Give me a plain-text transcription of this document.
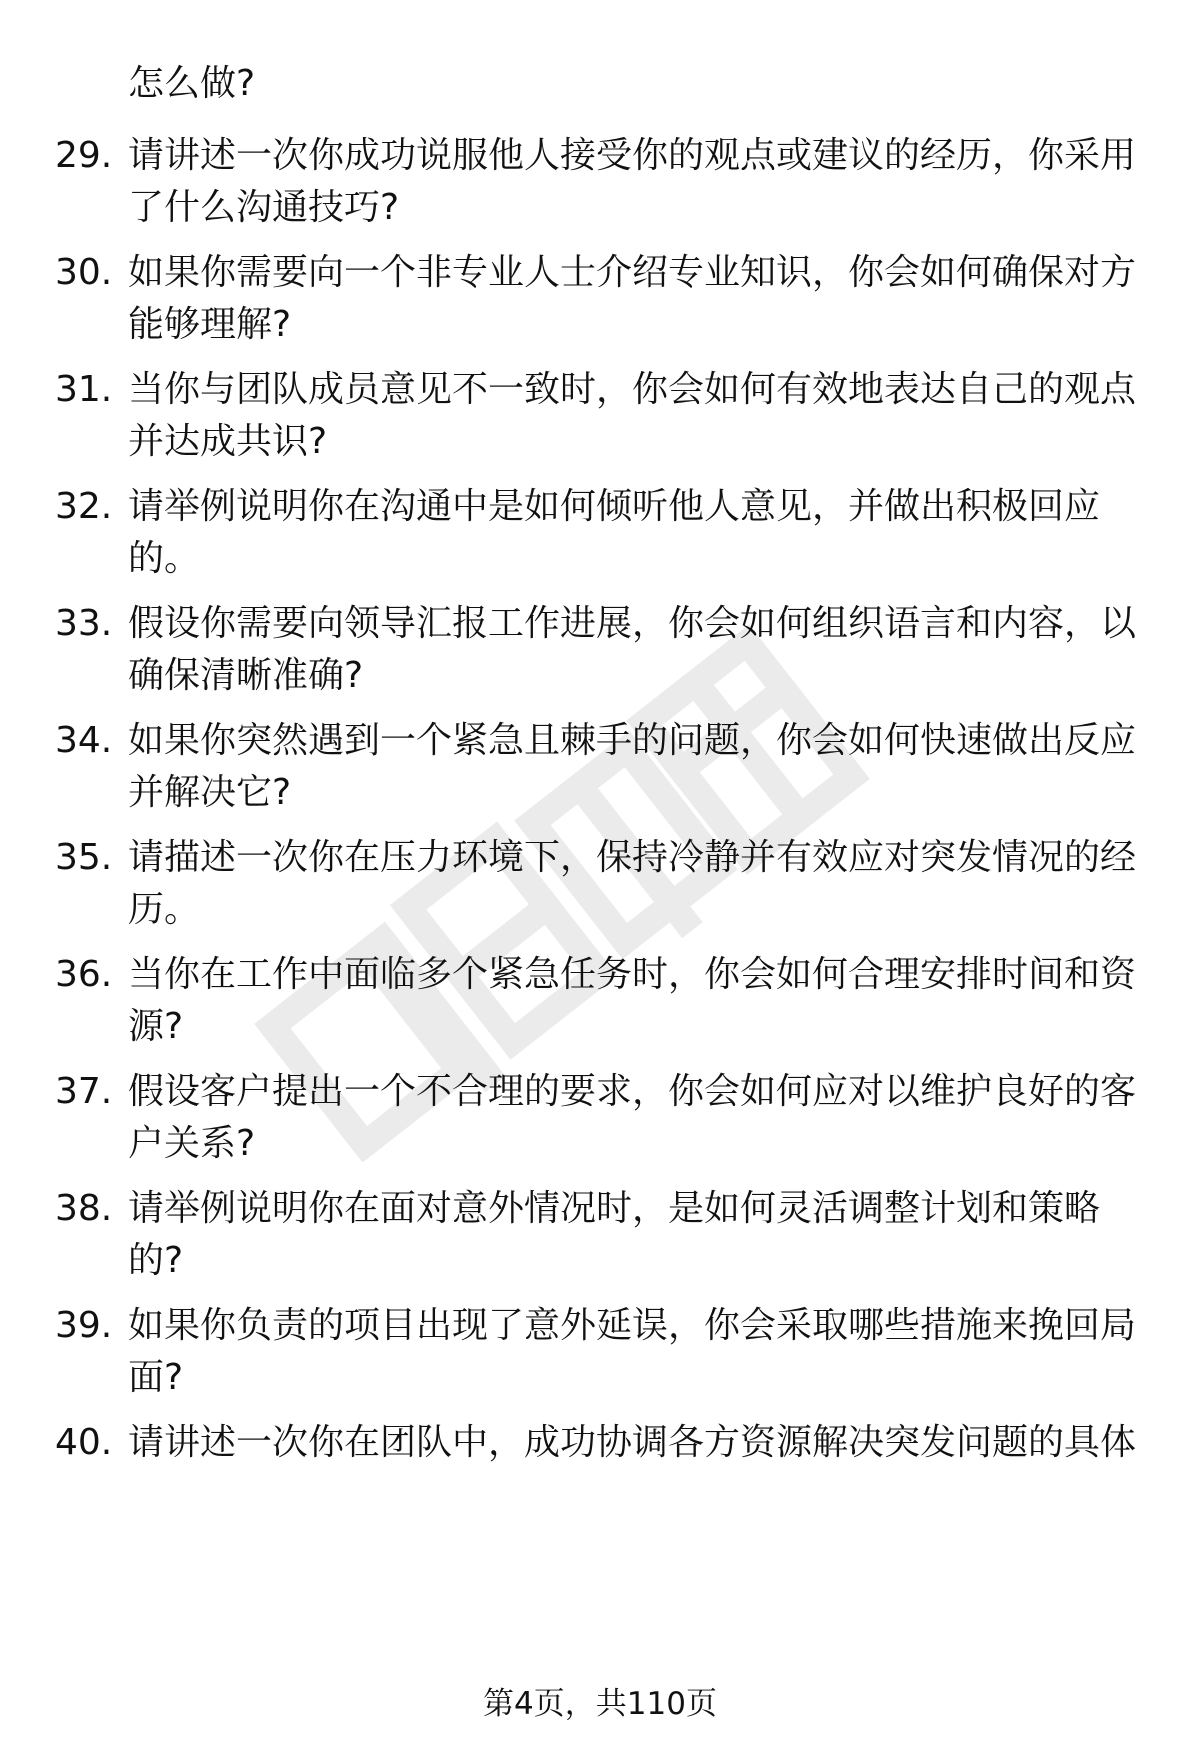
怎么做?
29. 请讲述一次你成功说服他人接受你的观点或建议的经历，你采用
了什么沟通技巧?
30. 如果你需要向一个非专业人士介绍专业知识，你会如何确保对方
能够理解?
31. 当你与团队成员意见不一致时，你会如何有效地表达自己的观点
并达成共识?
32. 请举例说明你在沟通中是如何倾听他人意见，并做出积极回应
的。
33. 假设你需要向领导汇报工作进展，你会如何组织语言和内容，以
确保清晰准确?
34. 如果你突然遇到一个紧急且棘手的问题，你会如何快速做出反应
并解决它?
35. 请描述一次你在压力环境下，保持冷静并有效应对突发情况的经
历。
36. 当你在工作中面临多个紧急任务时，你会如何合理安排时间和资
源?
37. 假设客户提出一个不合理的要求，你会如何应对以维护良好的客
户关系?
38. 请举例说明你在面对意外情况时，是如何灵活调整计划和策略
的?
39. 如果你负责的项目出现了意外延误，你会采取哪些措施来挽回局
面?
40. 请讲述一次你在团队中，成功协调各方资源解决突发问题的具体
第4页，共110页
